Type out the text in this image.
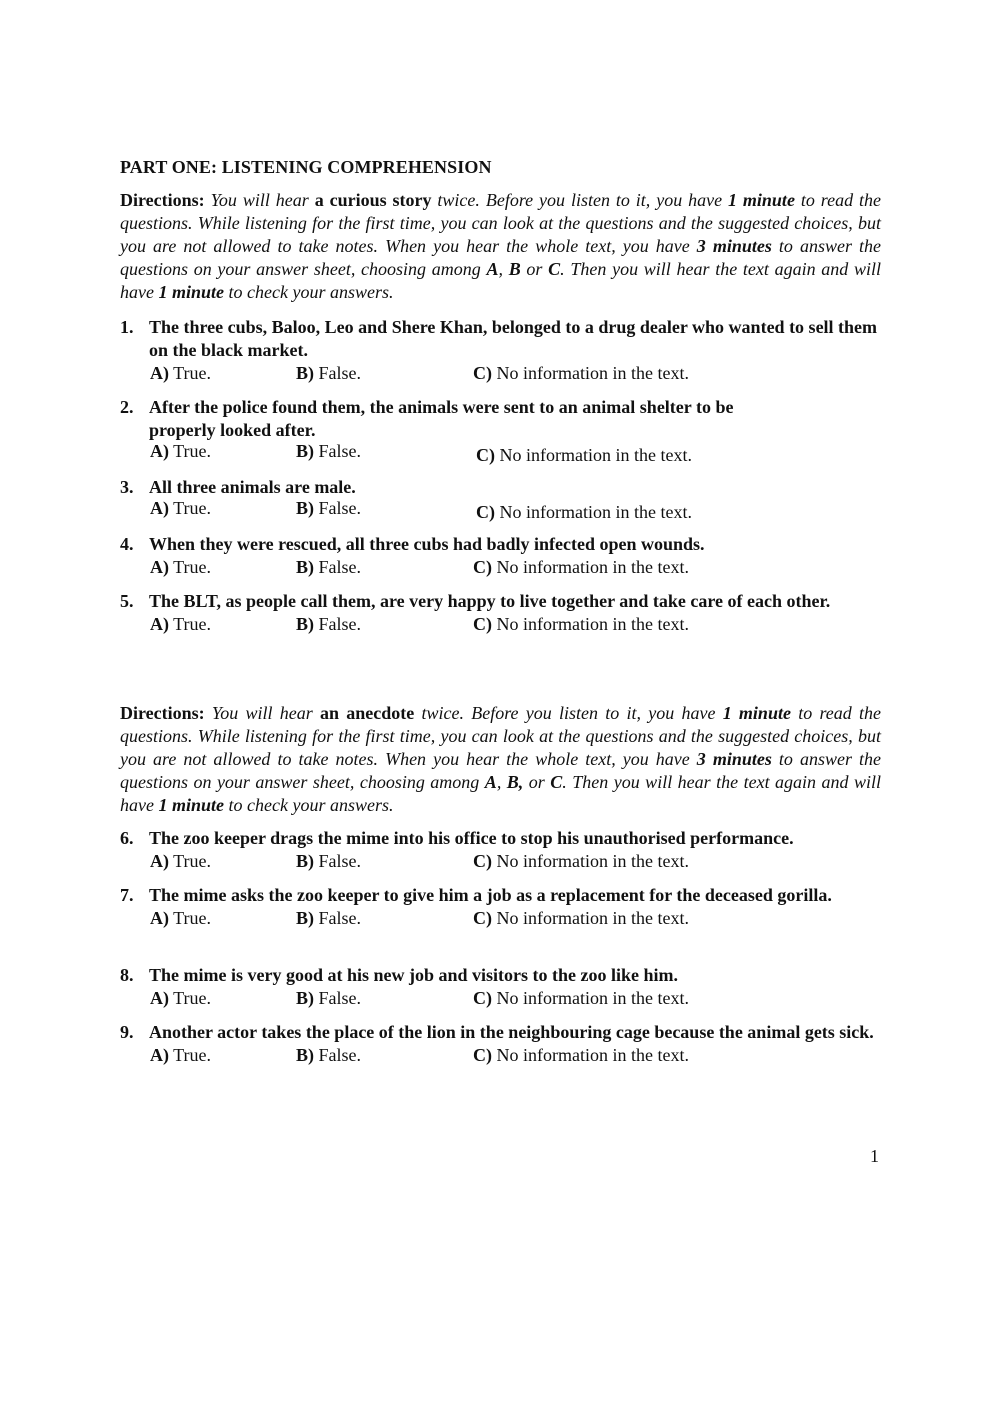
PART ONE: LISTENING COMPREHENSION
Directions: You will hear a curious story twice. Before you listen to it, you have 1 minute to read the questions. While listening for the first time, you can look at the questions and the suggested choices, but you are not allowed to take notes. When you hear the whole text, you have 3 minutes to answer the questions on your answer sheet, choosing among A, B or C. Then you will hear the text again and will have 1 minute to check your answers.
1. The three cubs, Baloo, Leo and Shere Khan, belonged to a drug dealer who wanted to sell them on the black market.
A) True.	B) False.	C) No information in the text.
2. After the police found them, the animals were sent to an animal shelter to be properly looked after.
A) True.	B) False.	C) No information in the text.
3. All three animals are male.
A) True.	B) False.	C) No information in the text.
4. When they were rescued, all three cubs had badly infected open wounds.
A) True.	B) False.	C) No information in the text.
5. The BLT, as people call them, are very happy to live together and take care of each other.
A) True.	B) False.	C) No information in the text.
Directions: You will hear an anecdote twice. Before you listen to it, you have 1 minute to read the questions. While listening for the first time, you can look at the questions and the suggested choices, but you are not allowed to take notes. When you hear the whole text, you have 3 minutes to answer the questions on your answer sheet, choosing among A, B, or C. Then you will hear the text again and will have 1 minute to check your answers.
6. The zoo keeper drags the mime into his office to stop his unauthorised performance.
A) True.	B) False.	C) No information in the text.
7. The mime asks the zoo keeper to give him a job as a replacement for the deceased gorilla.
A) True.	B) False.	C) No information in the text.
8. The mime is very good at his new job and visitors to the zoo like him.
A) True.	B) False.	C) No information in the text.
9. Another actor takes the place of the lion in the neighbouring cage because the animal gets sick.
A) True.	B) False.	C) No information in the text.
1
